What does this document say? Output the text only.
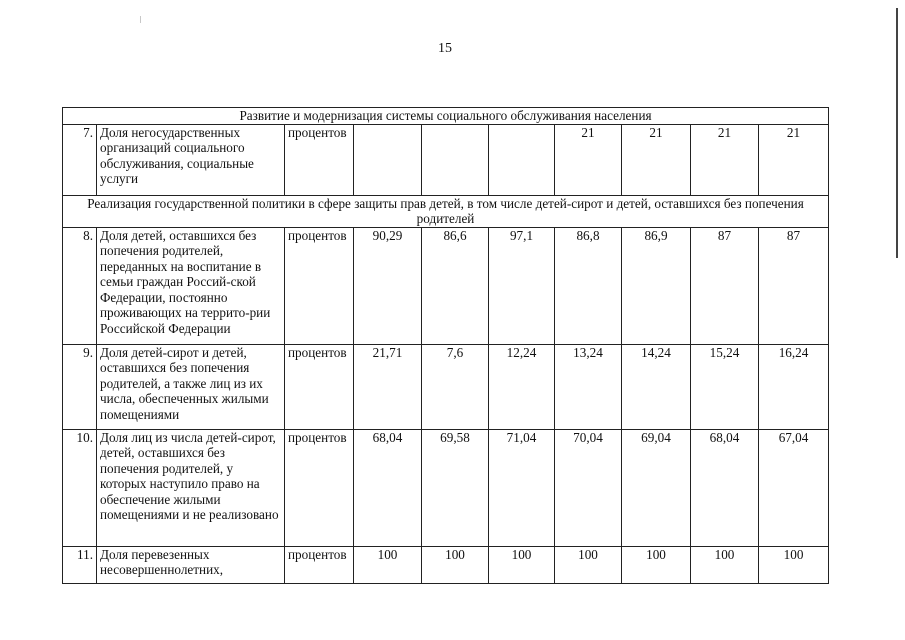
15
Развитие и модернизация системы социального обслуживания населения									
7.	Доля негосударственных организаций социального обслуживания, социальные услуги	процентов				21	21	21	21
Реализация государственной политики в сфере защиты прав детей, в том числе детей-сирот и детей, оставшихся без попечения родителей									
8.	Доля детей, оставшихся без попечения родителей, переданных на воспитание в семьи граждан Россий-ской Федерации, постоянно проживающих на террито-рии Российской Федерации	процентов	90,29	86,6	97,1	86,8	86,9	87	87
9.	Доля детей-сирот и детей, оставшихся без попечения родителей, а также лиц из их числа, обеспеченных жилыми помещениями	процентов	21,71	7,6	12,24	13,24	14,24	15,24	16,24
10.	Доля лиц из числа детей-сирот, детей, оставшихся без попечения родителей, у которых наступило право на обеспечение жилыми помещениями и не реализовано	процентов	68,04	69,58	71,04	70,04	69,04	68,04	67,04
11.	Доля перевезенных несовершеннолетних,	процентов	100	100	100	100	100	100	100
